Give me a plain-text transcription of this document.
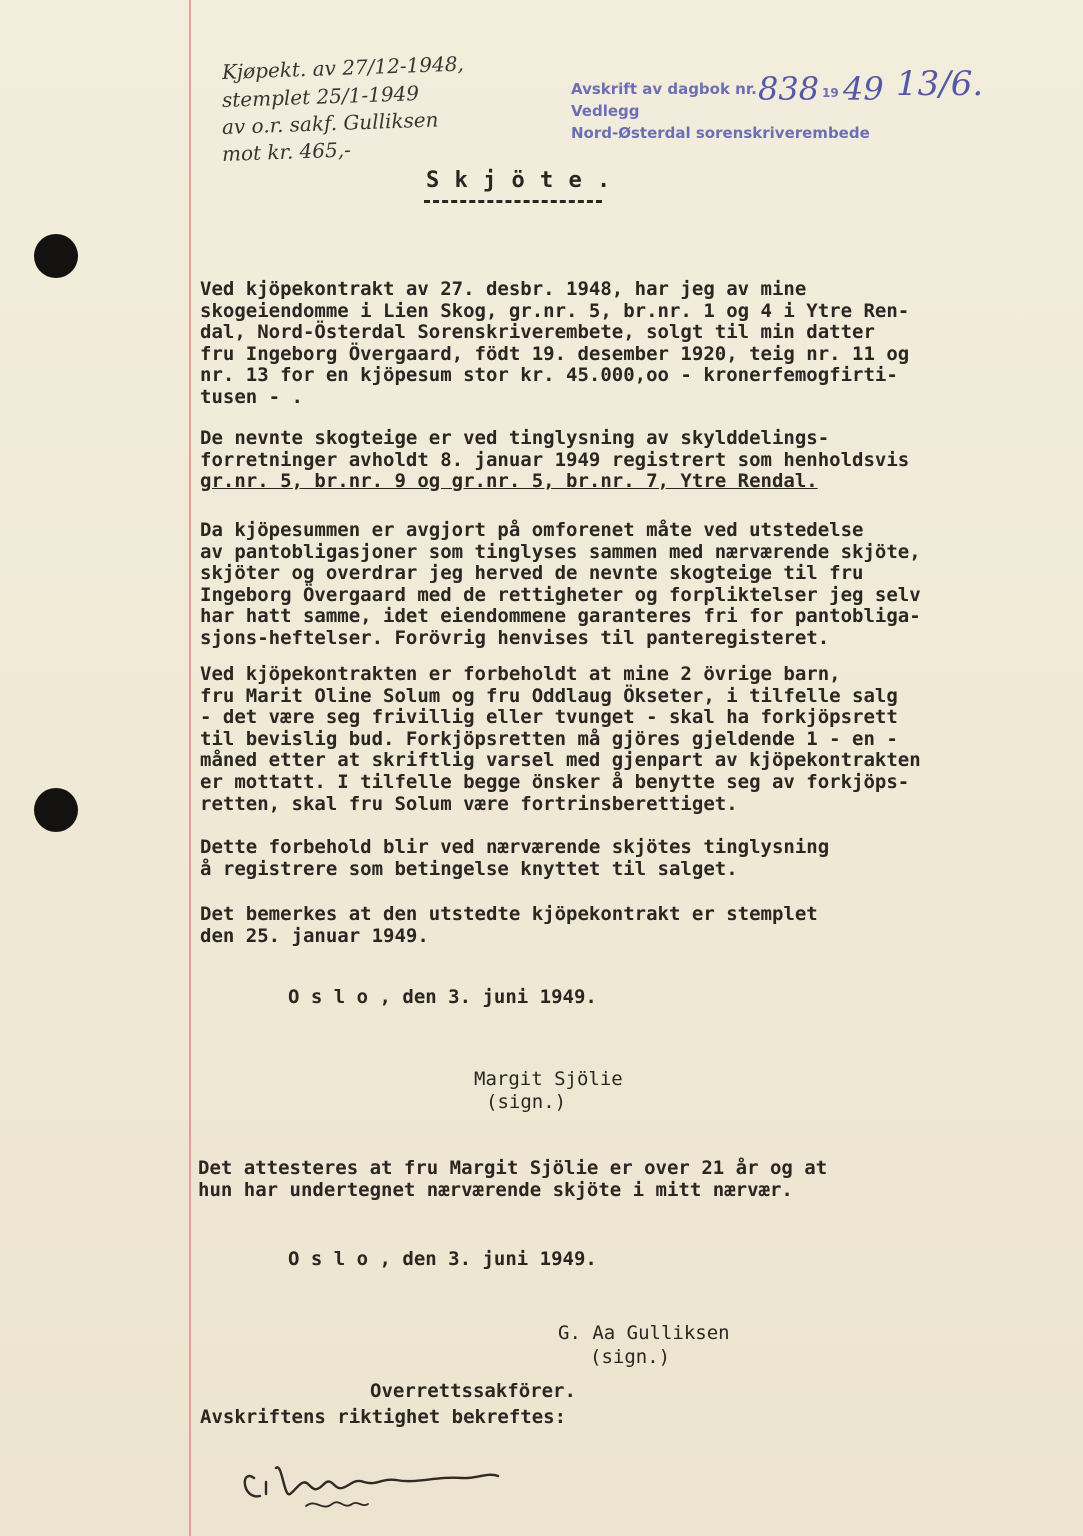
Kjøpekt. av 27/12-1948,
stemplet 25/1-1949
av o.r. sakf. Gulliksen
mot kr. 465,-
Avskrift av dagbok nr. 838 19 49 13/6.
Vedlegg
Nord-Østerdal sorenskriverembede
S k j ö t e .

Ved kjöpekontrakt av 27. desbr. 1948, har jeg av mine
skogeiendomme i Lien Skog, gr.nr. 5, br.nr. 1 og 4 i Ytre Ren-
dal, Nord-Österdal Sorenskriverembete, solgt til min datter
fru Ingeborg Övergaard, födt 19. desember 1920, teig nr. 11 og
nr. 13 for en kjöpesum stor kr. 45.000,oo - kronerfemogfirti-
tusen - .

De nevnte skogteige er ved tinglysning av skylddelings-
forretninger avholdt 8. januar 1949 registrert som henholdsvis
gr.nr. 5, br.nr. 9 og gr.nr. 5, br.nr. 7, Ytre Rendal.

Da kjöpesummen er avgjort på omforenet måte ved utstedelse
av pantobligasjoner som tinglyses sammen med nærværende skjöte,
skjöter og overdrar jeg herved de nevnte skogteige til fru
Ingeborg Övergaard med de rettigheter og forpliktelser jeg selv
har hatt samme, idet eiendommene garanteres fri for pantobliga-
sjons-heftelser. Forövrig henvises til panteregisteret.

Ved kjöpekontrakten er forbeholdt at mine 2 övrige barn,
fru Marit Oline Solum og fru Oddlaug Ökseter, i tilfelle salg
- det være seg frivillig eller tvunget - skal ha forkjöpsrett
til bevislig bud. Forkjöpsretten må gjöres gjeldende 1 - en -
måned etter at skriftlig varsel med gjenpart av kjöpekontrakten
er mottatt. I tilfelle begge önsker å benytte seg av forkjöps-
retten, skal fru Solum være fortrinsberettiget.

Dette forbehold blir ved nærværende skjötes tinglysning
å registrere som betingelse knyttet til salget.

Det bemerkes at den utstedte kjöpekontrakt er stemplet
den 25. januar 1949.

O s l o , den 3. juni 1949.
Margit Sjölie
(sign.)

Det attesteres at fru Margit Sjölie er over 21 år og at
hun har undertegnet nærværende skjöte i mitt nærvær.

O s l o , den 3. juni 1949.
G. Aa Gulliksen
(sign.)
Overrettssakförer.
Avskriftens riktighet bekreftes:
